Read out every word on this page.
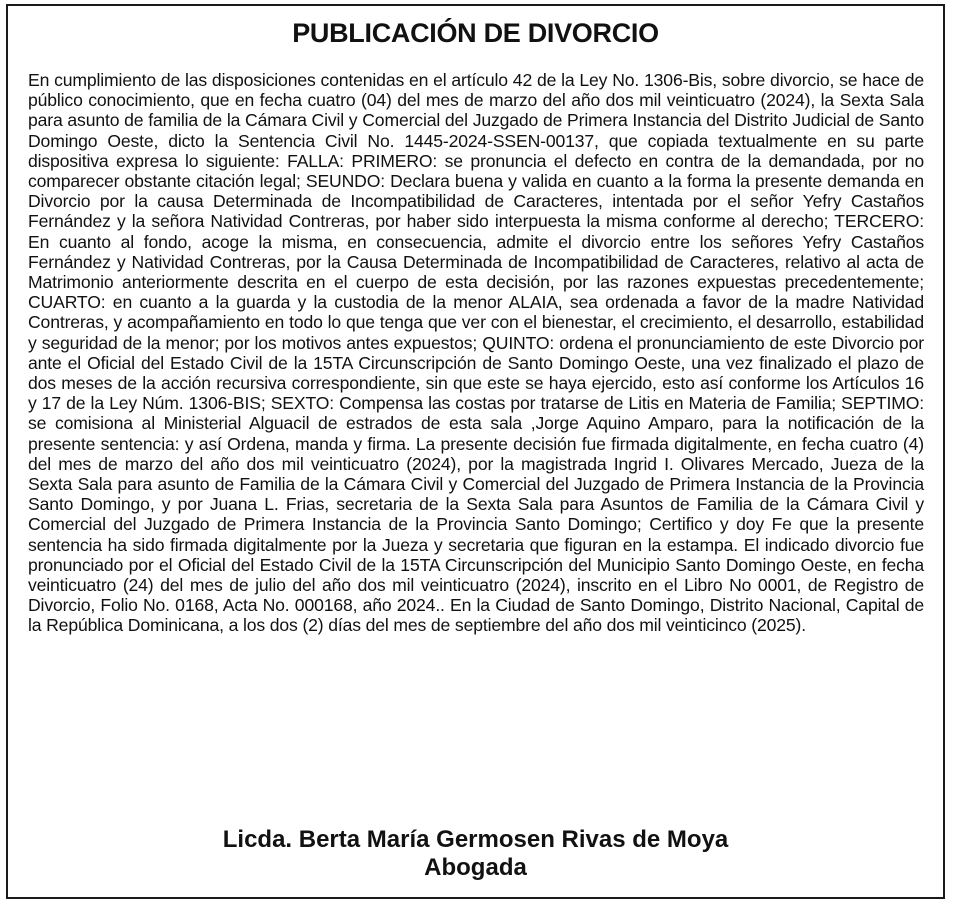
PUBLICACIÓN DE DIVORCIO

En cumplimiento de las disposiciones contenidas en el artículo 42 de la Ley No. 1306-Bis, sobre divorcio, se hace de público conocimiento, que en fecha cuatro (04) del mes de marzo del año dos mil veinticuatro (2024), la Sexta Sala para asunto de familia de la Cámara Civil y Comercial del Juzgado de Primera Instancia del Distrito Judicial de Santo Domingo Oeste, dicto la Sentencia Civil No. 1445-2024-SSEN-00137, que copiada textualmente en su parte dispositiva expresa lo siguiente: FALLA: PRIMERO: se pronuncia el defecto en contra de la demandada, por no comparecer obstante citación legal; SEUNDO: Declara buena y valida en cuanto a la forma la presente demanda en Divorcio por la causa Determinada de Incompatibilidad de Caracteres, intentada por el señor Yefry Castaños Fernández y la señora Natividad Contreras, por haber sido interpuesta la misma conforme al derecho; TERCERO: En cuanto al fondo, acoge la misma, en consecuencia, admite el divorcio entre los señores Yefry Castaños Fernández y Natividad Contreras, por la Causa Determinada de Incompatibilidad de Caracteres, relativo al acta de Matrimonio anteriormente descrita en el cuerpo de esta decisión, por las razones expuestas precedentemente; CUARTO: en cuanto a la guarda y la custodia de la menor ALAIA, sea ordenada a favor de la madre Natividad Contreras, y acompañamiento en todo lo que tenga que ver con el bienestar, el crecimiento, el desarrollo, estabilidad y seguridad de la menor; por los motivos antes expuestos; QUINTO: ordena el pronunciamiento de este Divorcio por ante el Oficial del Estado Civil de la 15TA Circunscripción de Santo Domingo Oeste, una vez finalizado el plazo de dos meses de la acción recursiva correspondiente, sin que este se haya ejercido, esto así conforme los Artículos 16 y 17 de la Ley Núm. 1306-BIS; SEXTO: Compensa las costas por tratarse de Litis en Materia de Familia; SEPTIMO: se comisiona al Ministerial Alguacil de estrados de esta sala ,Jorge Aquino Amparo, para la notificación de la presente sentencia: y así Ordena, manda y firma. La presente decisión fue firmada digitalmente, en fecha cuatro (4) del mes de marzo del año dos mil veinticuatro (2024), por la magistrada Ingrid I. Olivares Mercado, Jueza de la Sexta Sala para asunto de Familia de la Cámara Civil y Comercial del Juzgado de Primera Instancia de la Provincia Santo Domingo, y por Juana L. Frias, secretaria de la Sexta Sala para Asuntos de Familia de la Cámara Civil y Comercial del Juzgado de Primera Instancia de la Provincia Santo Domingo; Certifico y doy Fe que la presente sentencia ha sido firmada digitalmente por la Jueza y secretaria que figuran en la estampa. El indicado divorcio fue pronunciado por el Oficial del Estado Civil de la 15TA Circunscripción del Municipio Santo Domingo Oeste, en fecha veinticuatro (24) del mes de julio del año dos mil veinticuatro (2024), inscrito en el Libro No 0001, de Registro de Divorcio, Folio No. 0168, Acta No. 000168, año 2024.. En la Ciudad de Santo Domingo, Distrito Nacional, Capital de la República Dominicana, a los dos (2) días del mes de septiembre del año dos mil veinticinco (2025).

Licda. Berta María Germosen Rivas de Moya
Abogada
